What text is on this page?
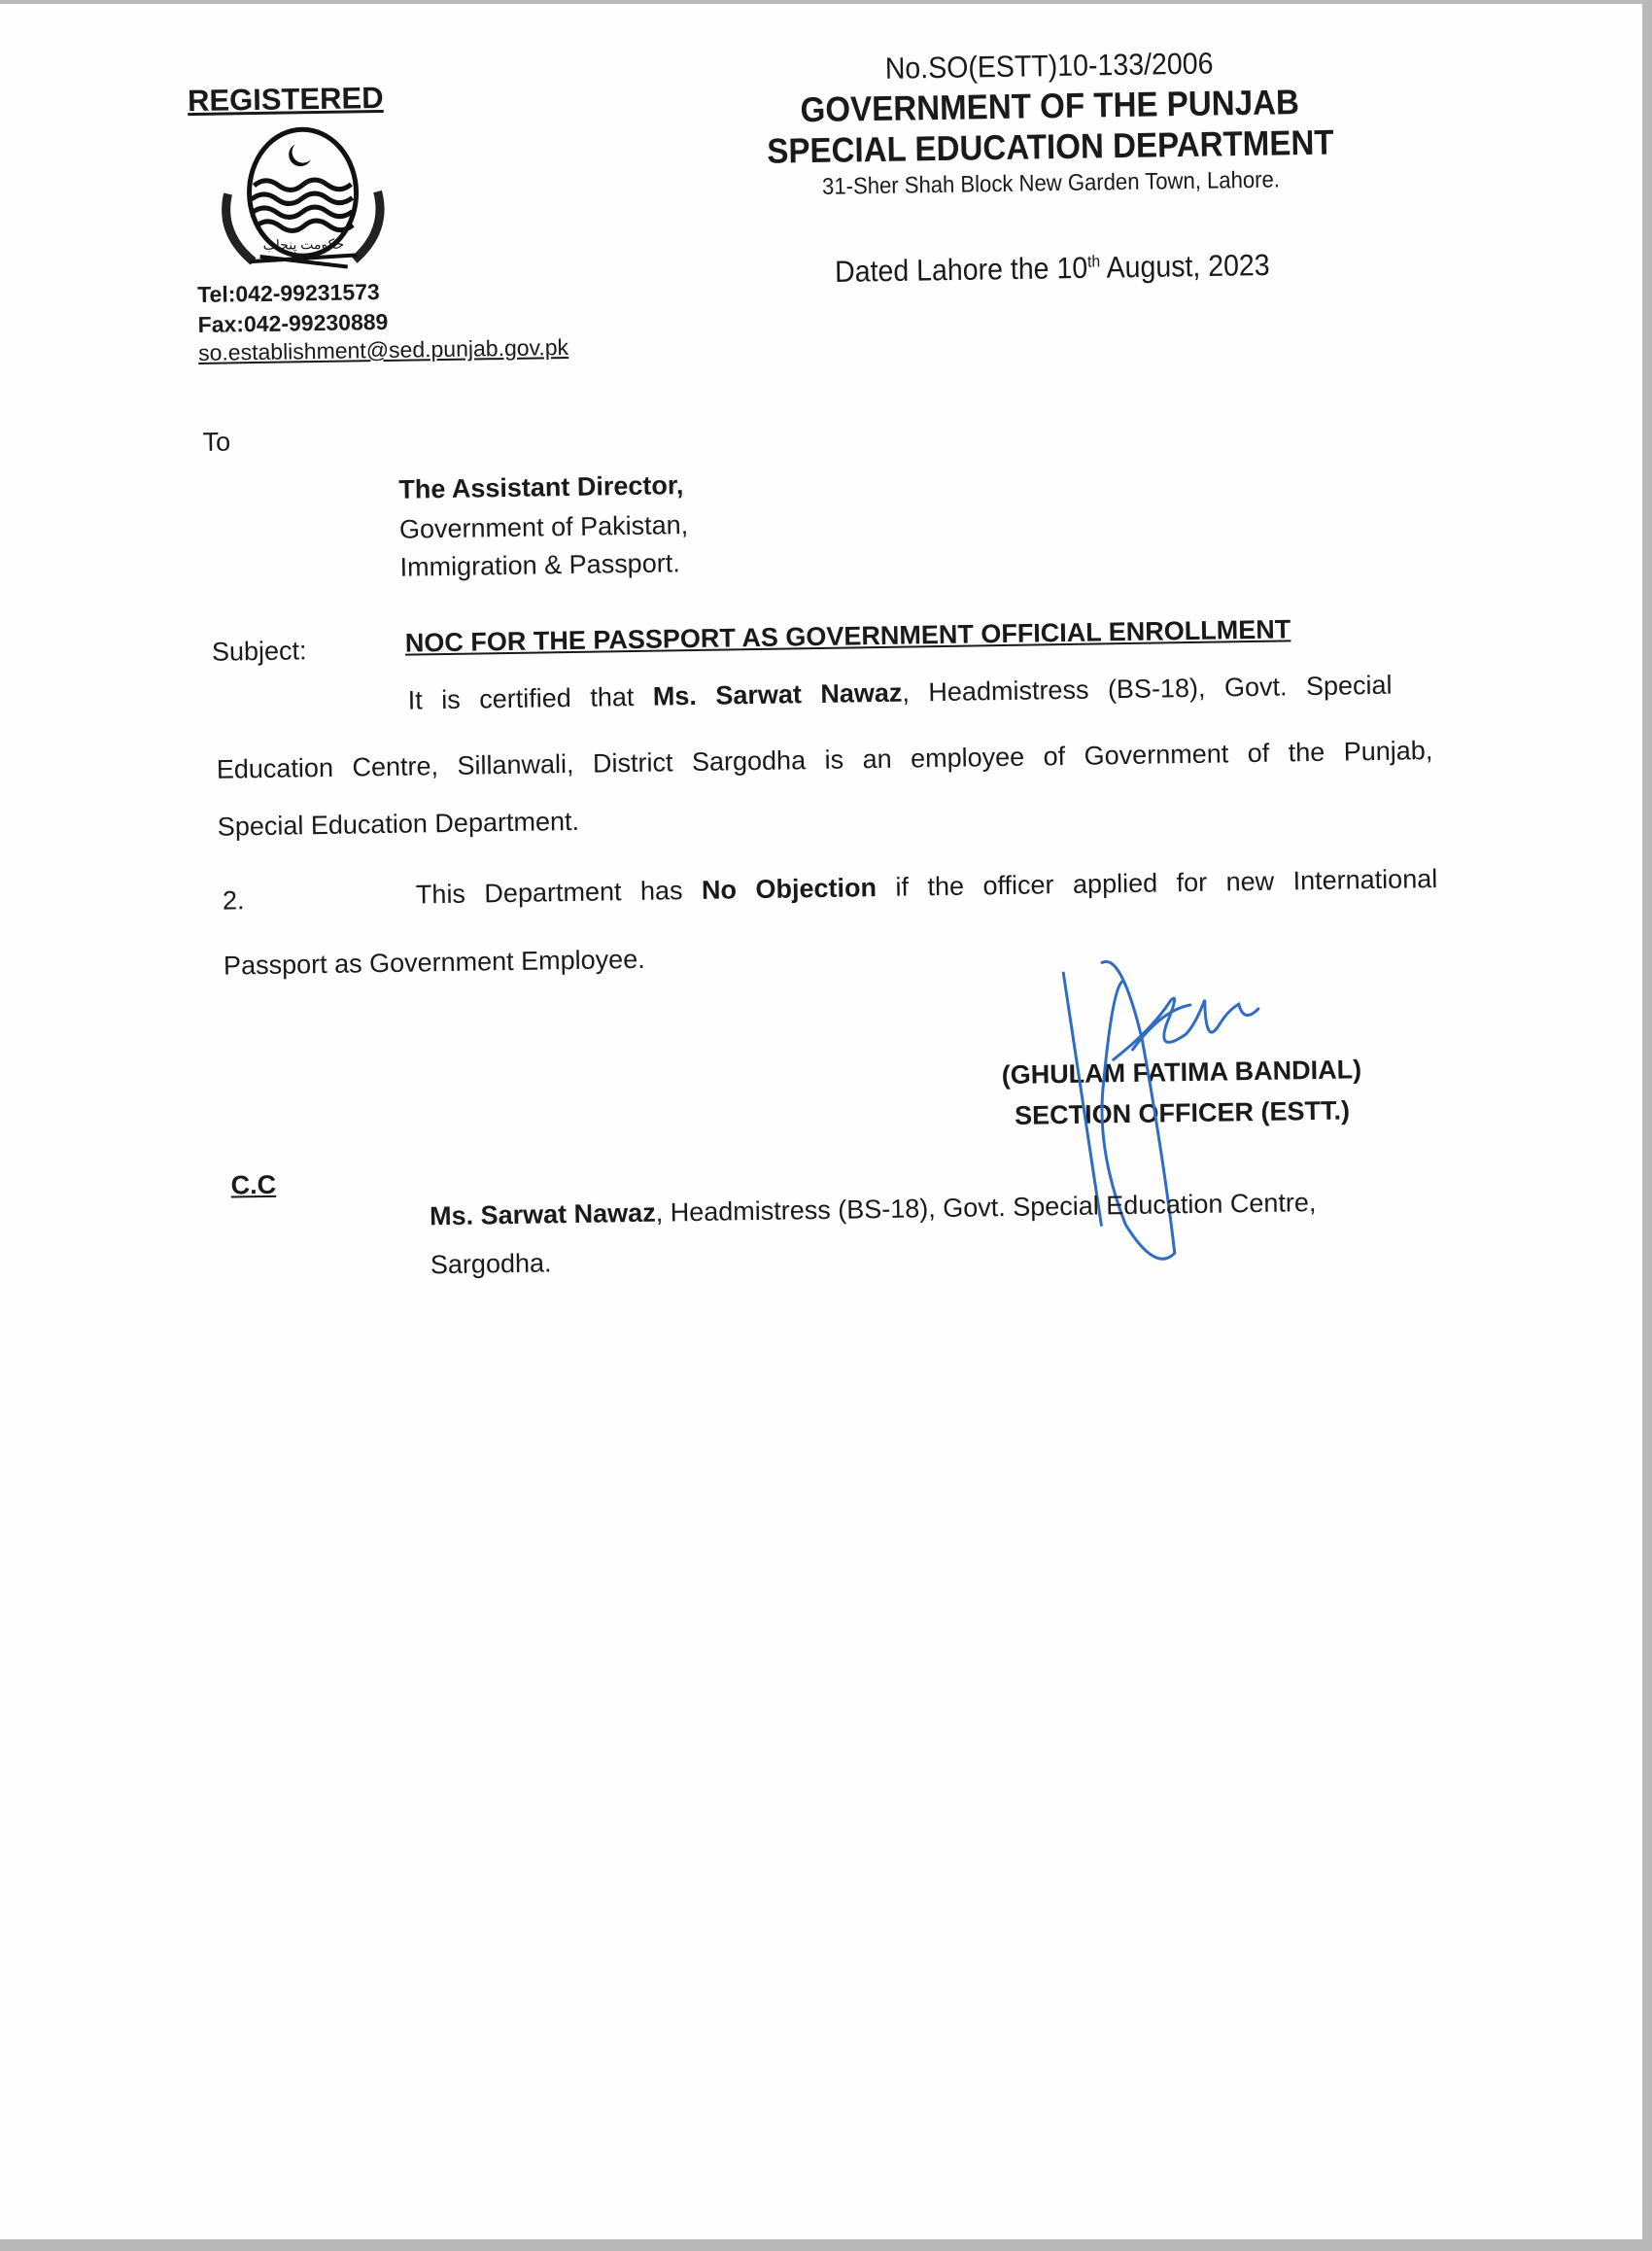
REGISTERED
حکومت پنجاب
Tel:042-99231573
Fax:042-99230889
so.establishment@sed.punjab.gov.pk
No.SO(ESTT)10-133/2006
GOVERNMENT OF THE PUNJAB
SPECIAL EDUCATION DEPARTMENT
31-Sher Shah Block New Garden Town, Lahore.
Dated Lahore the 10th August, 2023
To
The Assistant Director,
Government of Pakistan,
Immigration & Passport.
Subject:	NOC FOR THE PASSPORT AS GOVERNMENT OFFICIAL ENROLLMENT
It is certified that Ms. Sarwat Nawaz, Headmistress (BS-18), Govt. Special
Education Centre, Sillanwali, District Sargodha is an employee of Government of the Punjab,
Special Education Department.
2.	This Department has No Objection if the officer applied for new International
Passport as Government Employee.
(GHULAM FATIMA BANDIAL)
SECTION OFFICER (ESTT.)
C.C
Ms. Sarwat Nawaz, Headmistress (BS-18), Govt. Special Education Centre,
Sargodha.
